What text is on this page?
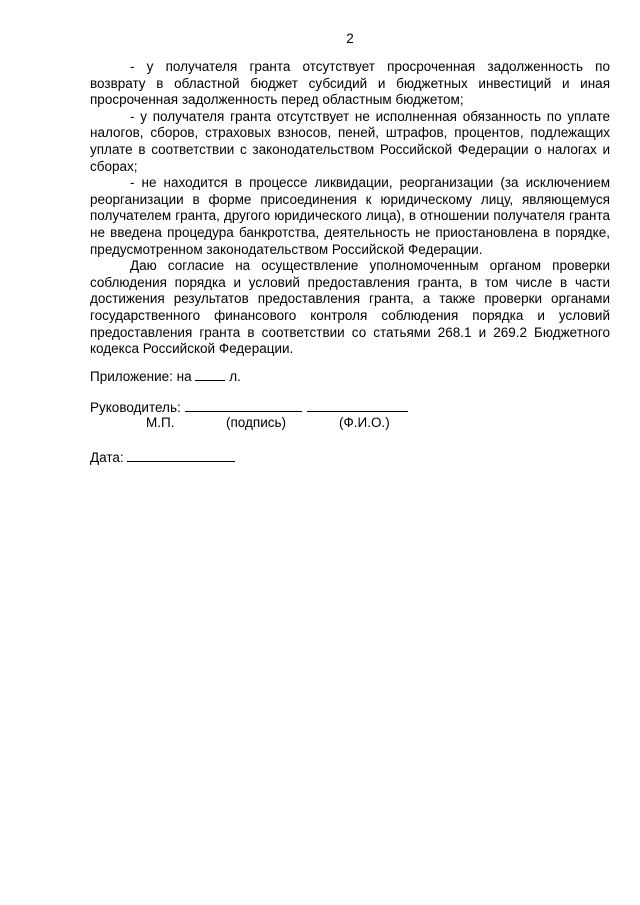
2

- у получателя гранта отсутствует просроченная задолженность по возврату в областной бюджет субсидий и бюджетных инвестиций и иная просроченная задолженность перед областным бюджетом;

- у получателя гранта отсутствует не исполненная обязанность по уплате налогов, сборов, страховых взносов, пеней, штрафов, процентов, подлежащих уплате в соответствии с законодательством Российской Федерации о налогах и сборах;

- не находится в процессе ликвидации, реорганизации (за исключением реорганизации в форме присоединения к юридическому лицу, являющемуся получателем гранта, другого юридического лица), в отношении получателя гранта не введена процедура банкротства, деятельность не приостановлена в порядке, предусмотренном законодательством Российской Федерации.

Даю согласие на осуществление уполномоченным органом проверки соблюдения порядка и условий предоставления гранта, в том числе в части достижения результатов предоставления гранта, а также проверки органами государственного финансового контроля соблюдения порядка и условий предоставления гранта в соответствии со статьями 268.1 и 269.2 Бюджетного кодекса Российской Федерации.

Приложение: на	л.
Руководитель:
М.П.	(подпись)	(Ф.И.О.)
Дата:
